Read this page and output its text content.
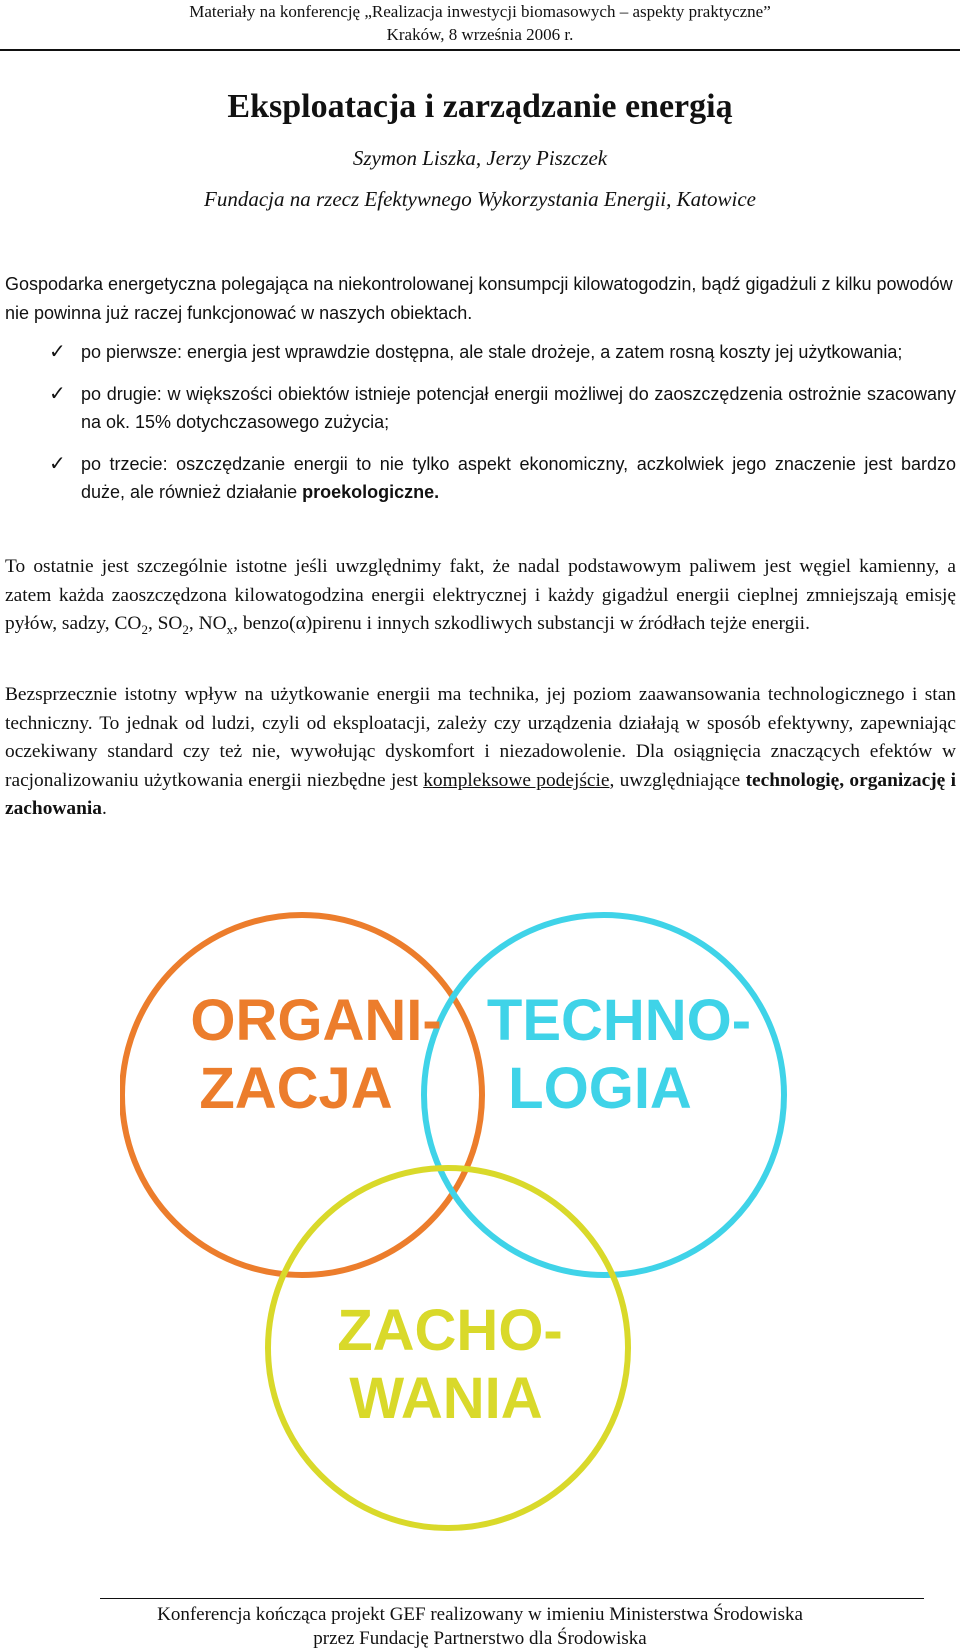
Materiały na konferencję „Realizacja inwestycji biomasowych – aspekty praktyczne”
Kraków, 8 września 2006 r.
Eksploatacja i zarządzanie energią
Szymon Liszka, Jerzy Piszczek
Fundacja na rzecz Efektywnego Wykorzystania Energii, Katowice

Gospodarka energetyczna polegająca na niekontrolowanej konsumpcji kilowatogodzin, bądź gigadżuli z kilku powodów nie powinna już raczej funkcjonować w naszych obiektach.

✓ po pierwsze: energia jest wprawdzie dostępna, ale stale drożeje, a zatem rosną koszty jej użytkowania;
✓ po drugie: w większości obiektów istnieje potencjał energii możliwej do zaoszczędzenia ostrożnie szacowany na ok. 15% dotychczasowego zużycia;
✓ po trzecie: oszczędzanie energii to nie tylko aspekt ekonomiczny, aczkolwiek jego znaczenie jest bardzo duże, ale również działanie proekologiczne.

To ostatnie jest szczególnie istotne jeśli uwzględnimy fakt, że nadal podstawowym paliwem jest węgiel kamienny, a zatem każda zaoszczędzona kilowatogodzina energii elektrycznej i każdy gigadżul energii cieplnej zmniejszają emisję pyłów, sadzy, $CO_2$, $SO_2$, $NO_x$, benzo(α)pirenu i innych szkodliwych substancji w źródłach tejże energii.

Bezsprzecznie istotny wpływ na użytkowanie energii ma technika, jej poziom zaawansowania technologicznego i stan techniczny. To jednak od ludzi, czyli od eksploatacji, zależy czy urządzenia działają w sposób efektywny, zapewniając oczekiwany standard czy też nie, wywołując dyskomfort i niezadowolenie. Dla osiągnięcia znaczących efektów w racjonalizowaniu użytkowania energii niezbędne jest kompleksowe podejście, uwzględniające technologię, organizację i zachowania.

ORGANI-
ZACJA
TECHNO-
LOGIA
ZACHO-
WANIA
Konferencja kończąca projekt GEF realizowany w imieniu Ministerstwa Środowiska
przez Fundację Partnerstwo dla Środowiska
